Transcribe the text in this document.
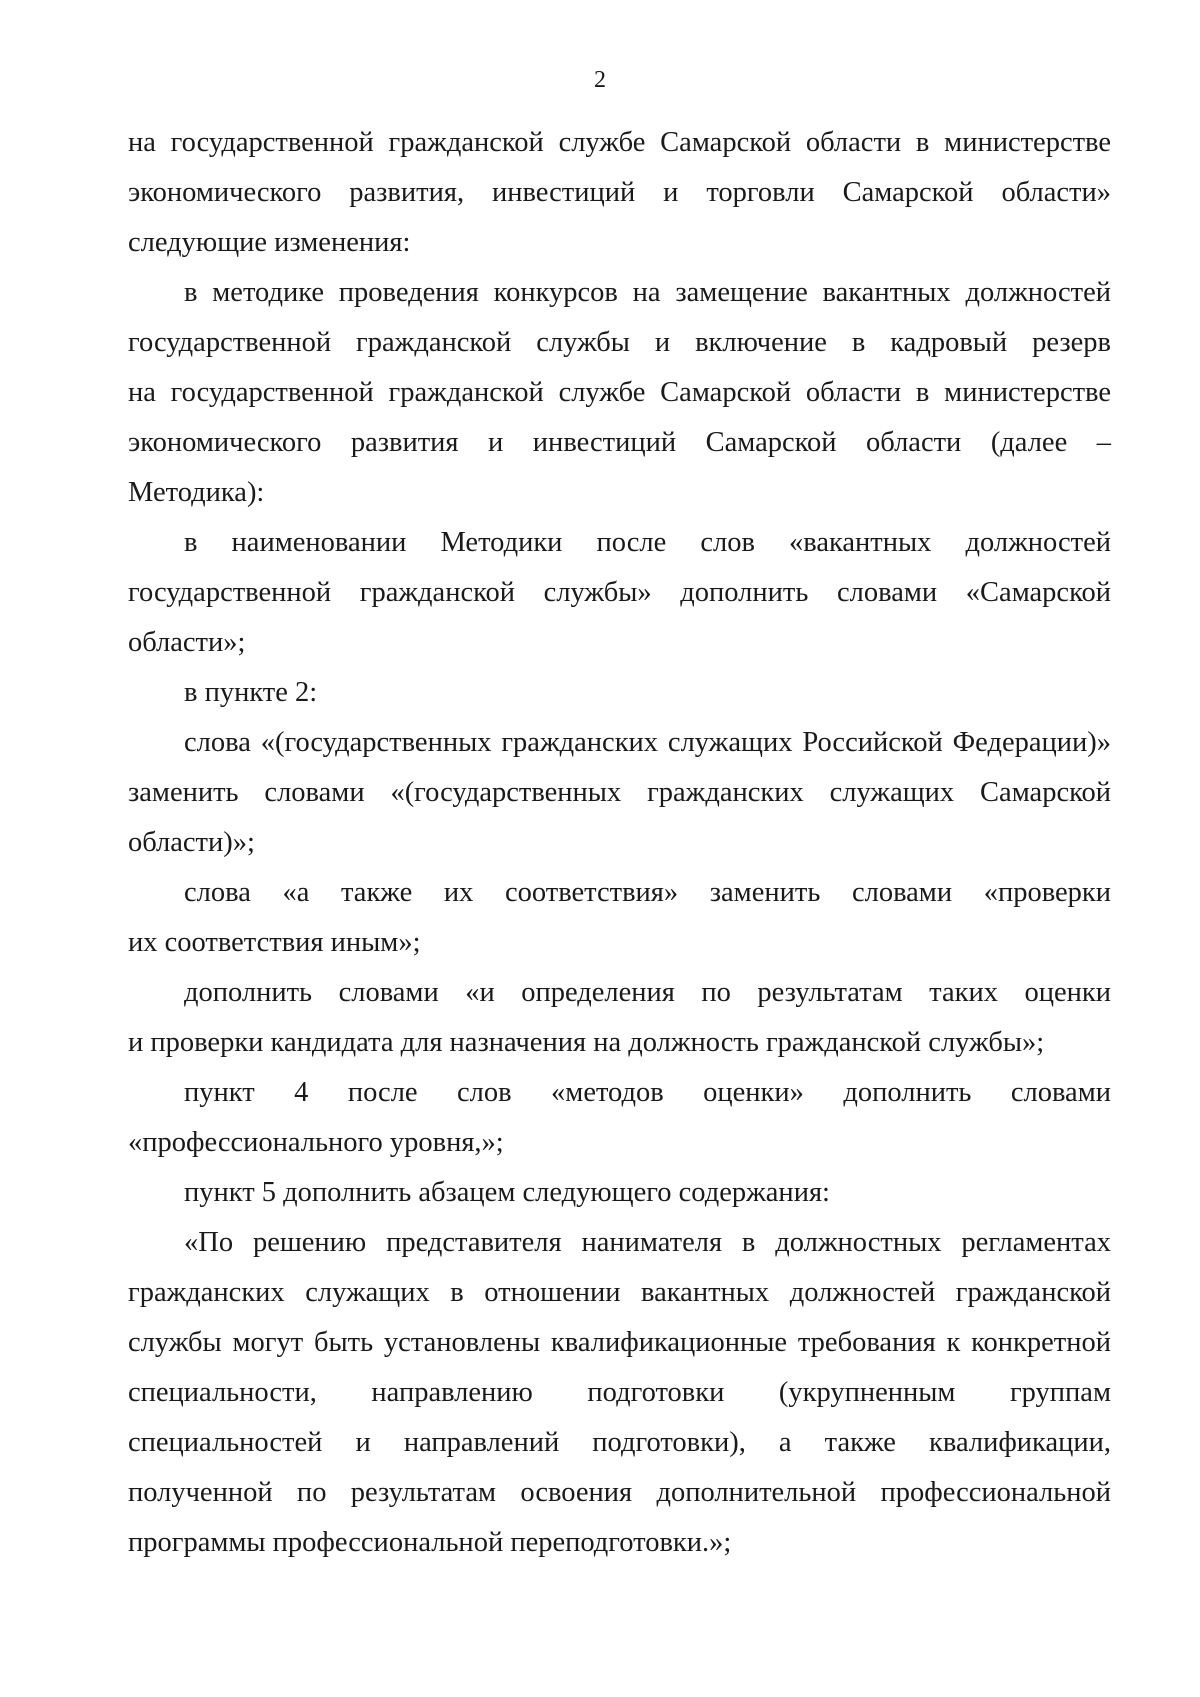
2
на государственной гражданской службе Самарской области в министерстве
экономического развития, инвестиций и торговли Самарской области»
следующие изменения:
в методике проведения конкурсов на замещение вакантных должностей
государственной гражданской службы и включение в кадровый резерв
на государственной гражданской службе Самарской области в министерстве
экономического развития и инвестиций Самарской области (далее –
Методика):
в наименовании Методики после слов «вакантных должностей
государственной гражданской службы» дополнить словами «Самарской
области»;
в пункте 2:
слова «(государственных гражданских служащих Российской Федерации)»
заменить словами «(государственных гражданских служащих Самарской
области)»;
слова «а также их соответствия» заменить словами «проверки
их соответствия иным»;
дополнить словами «и определения по результатам таких оценки
и проверки кандидата для назначения на должность гражданской службы»;
пункт 4 после слов «методов оценки» дополнить словами
«профессионального уровня,»;
пункт 5 дополнить абзацем следующего содержания:
«По решению представителя нанимателя в должностных регламентах
гражданских служащих в отношении вакантных должностей гражданской
службы могут быть установлены квалификационные требования к конкретной
специальности, направлению подготовки (укрупненным группам
специальностей и направлений подготовки), а также квалификации,
полученной по результатам освоения дополнительной профессиональной
программы профессиональной переподготовки.»;
